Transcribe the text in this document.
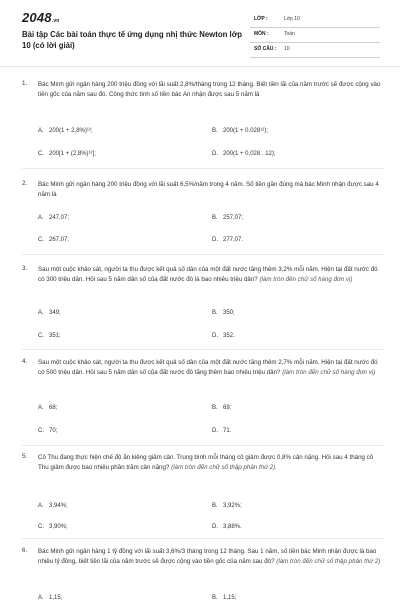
2048.vn
Bài tập Các bài toán thực tế ứng dụng nhị thức Newton lớp 10 (có lời giải)
LỚP :	Lớp 10
MÔN :	Toán
SỐ CÂU : 10
1. Bác Minh gửi ngân hàng 200 triệu đồng với lãi suất 2,8%/tháng trong 12 tháng. Biết tiền lãi của năm trước sẽ được cộng vào tiền gốc của năm sau đó. Công thức tính số tiền bác An nhận được sau 5 năm là
A. 200(1 + 2,8%)¹²;	B. 200(1 + 0,028¹²);
C. 200[1 + (2,8%)¹²];	D. 200(1 + 0,028 . 12);
2. Bác Minh gửi ngân hàng 200 triệu đồng với lãi suất 6,5%/năm trong 4 năm. Số tiền gần đúng mà bác Minh nhận được sau 4 năm là
A. 247,07;	B. 257,07;
C. 267,07;	D. 277,07.
3. Sau một cuộc khảo sát, người ta thu được kết quả số dân của một đất nước tăng thêm 3,2% mỗi năm. Hiện tại đất nước đó có 300 triệu dân. Hỏi sau 5 năm dân số của đất nước đó là bao nhiêu triệu dân? (làm tròn đến chữ số hàng đơn vị)
A. 349;	B. 350;
C. 351;	D. 352.
4. Sau một cuộc khảo sát, người ta thu được kết quả số dân của một đất nước tăng thêm 2,7% mỗi năm. Hiện tại đất nước đó có 500 triệu dân. Hỏi sau 5 năm dân số của đất nước đó tăng thêm bao nhiêu triệu dân? (làm tròn đến chữ số hàng đơn vị)
A. 68;	B. 69;
C. 70;	D. 71.
5. Cô Thu đang thực hiện chế độ ăn kiêng giảm cân. Trung bình mỗi tháng cô giảm được 0,8% cân nặng. Hỏi sau 4 tháng cô Thu giảm được bao nhiêu phần trăm cân nặng? (làm tròn đến chữ số thập phân thứ 2).
A. 3,94%;	B. 3,92%;
C. 3,90%;	D. 3,88%.
6. Bác Minh gửi ngân hàng 1 tỷ đồng với lãi suất 3,6%/3 tháng trong 12 tháng. Sau 1 năm, số tiền bác Minh nhận được là bao nhiêu tỷ đồng, biết tiền lãi của năm trước sẽ được cộng vào tiền gốc của năm sau đó? (làm tròn đến chữ số thập phân thứ 2)
A. 1,15;	B. 1,15;
